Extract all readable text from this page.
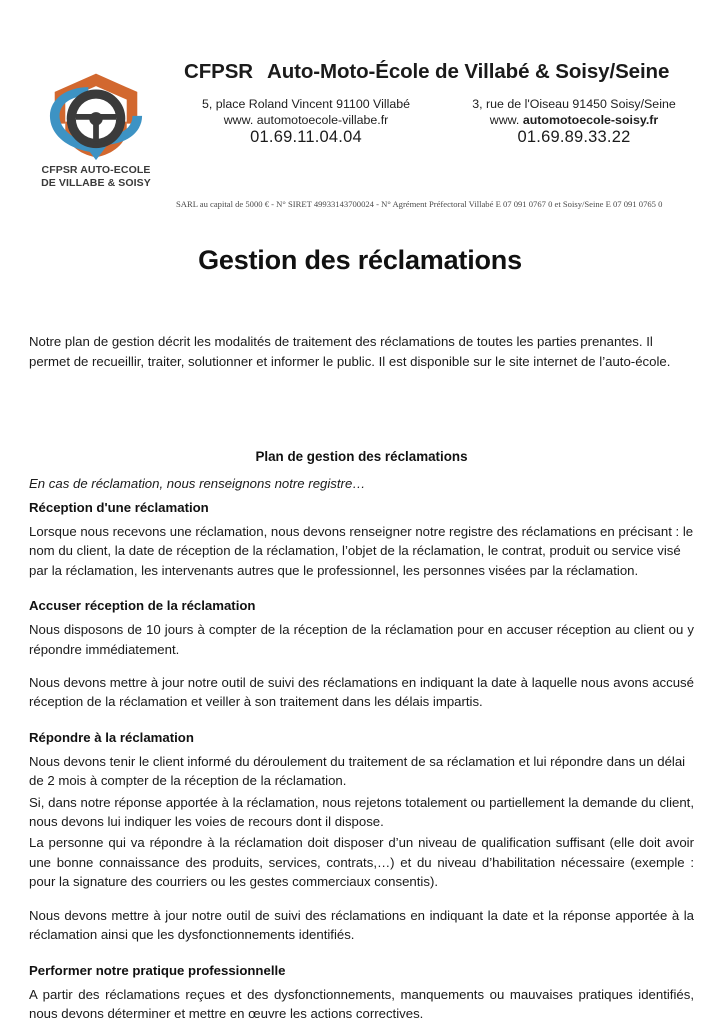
CFPSR AUTO-ECOLE
DE VILLABE & SOISY
CFPSR Auto-Moto-École de Villabé & Soisy/Seine
5, place Roland Vincent 91100 Villabé
www. automotoecole-villabe.fr
01.69.11.04.04
3, rue de l'Oiseau 91450 Soisy/Seine
www. automotoecole-soisy.fr
01.69.89.33.22
SARL au capital de 5000 € - N° SIRET 49933143700024 - N° Agrément Préfectoral Villabé E 07 091 0767 0 et Soisy/Seine E 07 091 0765 0
Gestion des réclamations

Notre plan de gestion décrit les modalités de traitement des réclamations de toutes les parties prenantes. Il permet de recueillir, traiter, solutionner et informer le public. Il est disponible sur le site internet de l’auto-école.

Plan de gestion des réclamations
En cas de réclamation, nous renseignons notre registre…
Réception d'une réclamation

Lorsque nous recevons une réclamation, nous devons renseigner notre registre des réclamations en précisant : le nom du client, la date de réception de la réclamation, l’objet de la réclamation, le contrat, produit ou service visé par la réclamation, les intervenants autres que le professionnel, les personnes visées par la réclamation.

Accuser réception de la réclamation

Nous disposons de 10 jours à compter de la réception de la réclamation pour en accuser réception au client ou y répondre immédiatement.

Nous devons mettre à jour notre outil de suivi des réclamations en indiquant la date à laquelle nous avons accusé réception de la réclamation et veiller à son traitement dans les délais impartis.

Répondre à la réclamation

Nous devons tenir le client informé du déroulement du traitement de sa réclamation et lui répondre dans un délai de 2 mois à compter de la réception de la réclamation.

Si, dans notre réponse apportée à la réclamation, nous rejetons totalement ou partiellement la demande du client, nous devons lui indiquer les voies de recours dont il dispose.

La personne qui va répondre à la réclamation doit disposer d’un niveau de qualification suffisant (elle doit avoir une bonne connaissance des produits, services, contrats,…) et du niveau d’habilitation nécessaire (exemple : pour la signature des courriers ou les gestes commerciaux consentis).

Nous devons mettre à jour notre outil de suivi des réclamations en indiquant la date et la réponse apportée à la réclamation ainsi que les dysfonctionnements identifiés.

Performer notre pratique professionnelle

A partir des réclamations reçues et des dysfonctionnements, manquements ou mauvaises pratiques identifiés, nous devons déterminer et mettre en œuvre les actions correctives.
